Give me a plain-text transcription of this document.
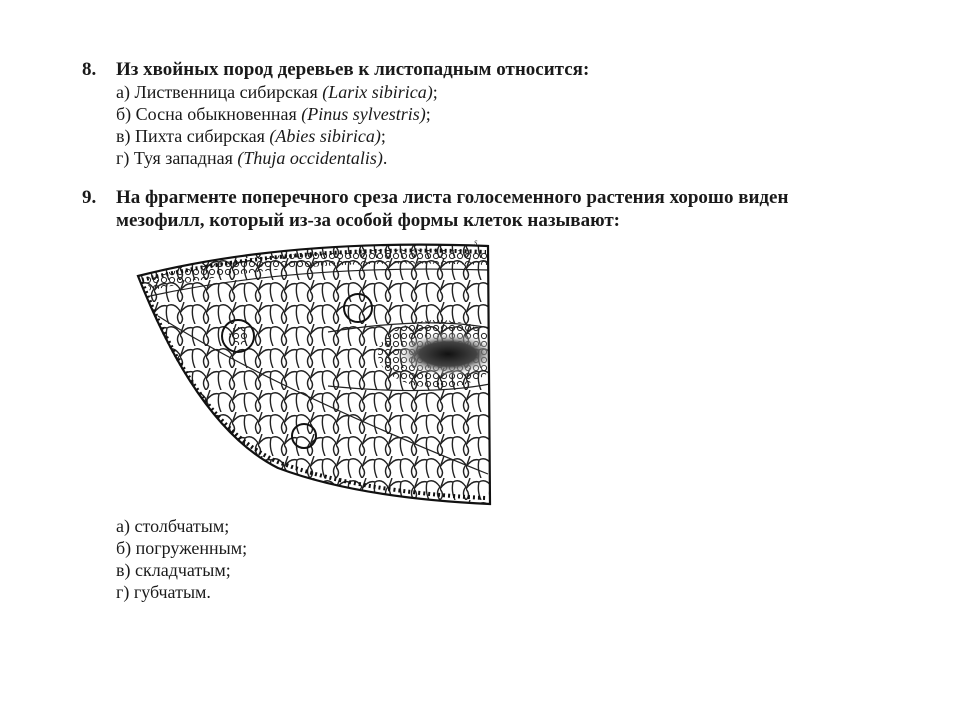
8.	Из хвойных пород деревьев к листопадным относится:
а) Лиственница сибирская (Larix sibirica);
б) Сосна обыкновенная (Pinus sylvestris);
в) Пихта сибирская (Abies sibirica);
г) Туя западная (Thuja occidentalis).
9.	На фрагменте поперечного среза листа голосеменного растения хорошо виден мезофилл, который из-за особой формы клеток называют:
s
а) столбчатым;
б) погруженным;
в) складчатым;
г) губчатым.
